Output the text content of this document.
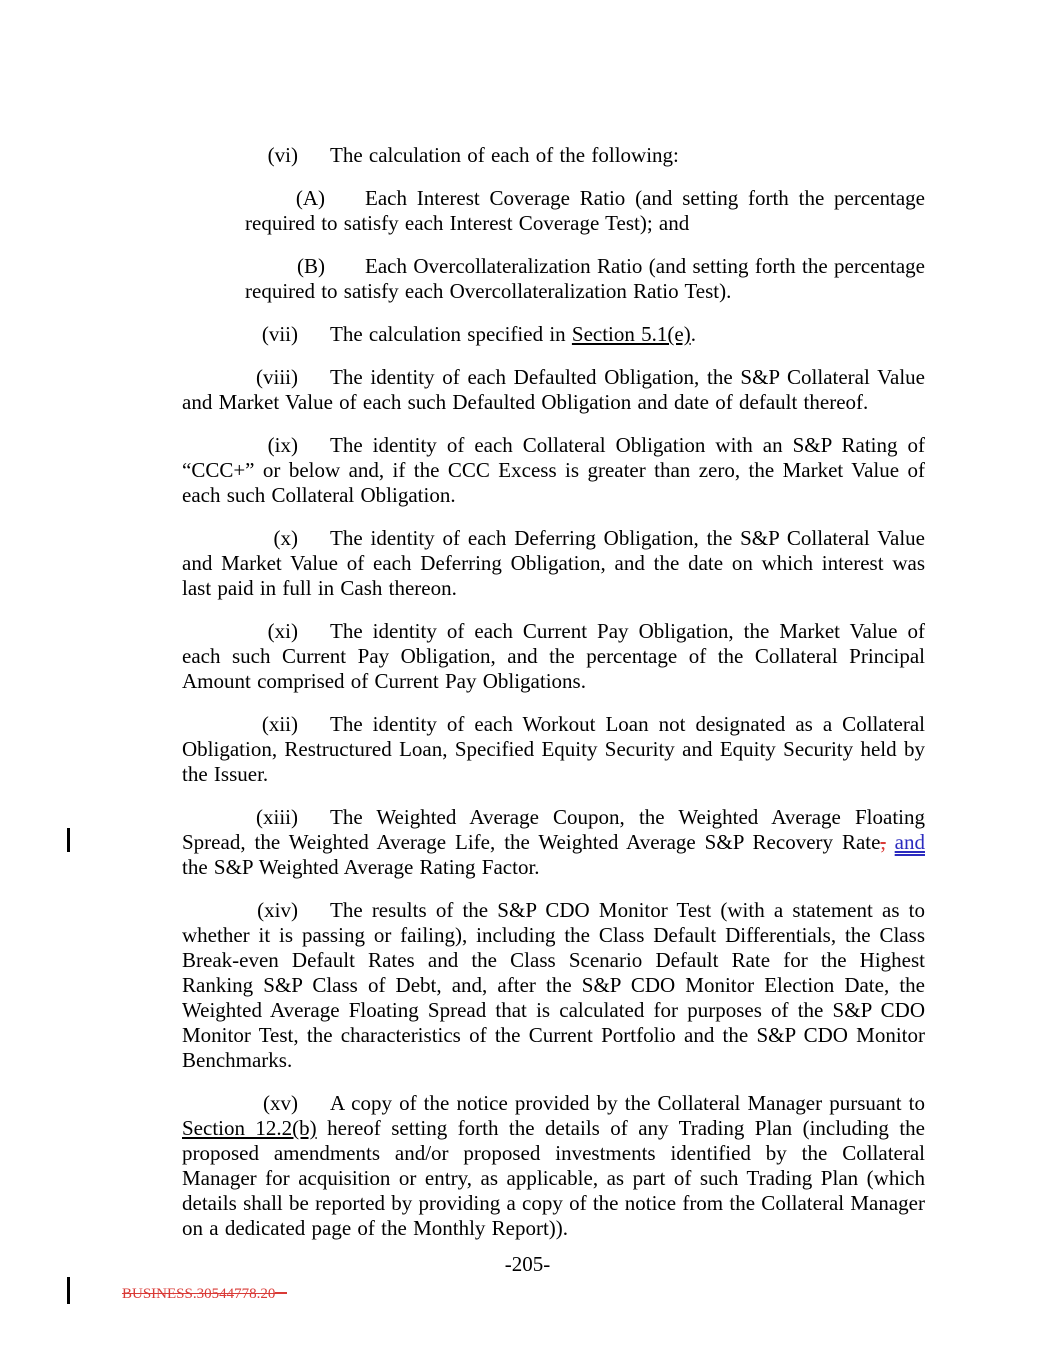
(vi) The calculation of each of the following:

(A) Each Interest Coverage Ratio (and setting forth the percentage required to satisfy each Interest Coverage Test); and

(B) Each Overcollateralization Ratio (and setting forth the percentage required to satisfy each Overcollateralization Ratio Test).

(vii) The calculation specified in Section 5.1(e).

(viii) The identity of each Defaulted Obligation, the S&P Collateral Value and Market Value of each such Defaulted Obligation and date of default thereof.

(ix) The identity of each Collateral Obligation with an S&P Rating of “CCC+” or below and, if the CCC Excess is greater than zero, the Market Value of each such Collateral Obligation.

(x) The identity of each Deferring Obligation, the S&P Collateral Value and Market Value of each Deferring Obligation, and the date on which interest was last paid in full in Cash thereon.

(xi) The identity of each Current Pay Obligation, the Market Value of each such Current Pay Obligation, and the percentage of the Collateral Principal Amount comprised of Current Pay Obligations.

(xii) The identity of each Workout Loan not designated as a Collateral Obligation, Restructured Loan, Specified Equity Security and Equity Security held by the Issuer.

(xiii) The Weighted Average Coupon, the Weighted Average Floating Spread, the Weighted Average Life, the Weighted Average S&P Recovery Rate, and the S&P Weighted Average Rating Factor.

(xiv) The results of the S&P CDO Monitor Test (with a statement as to whether it is passing or failing), including the Class Default Differentials, the Class Break-even Default Rates and the Class Scenario Default Rate for the Highest Ranking S&P Class of Debt, and, after the S&P CDO Monitor Election Date, the Weighted Average Floating Spread that is calculated for purposes of the S&P CDO Monitor Test, the characteristics of the Current Portfolio and the S&P CDO Monitor Benchmarks.

(xv) A copy of the notice provided by the Collateral Manager pursuant to Section 12.2(b) hereof setting forth the details of any Trading Plan (including the proposed amendments and/or proposed investments identified by the Collateral Manager for acquisition or entry, as applicable, as part of such Trading Plan (which details shall be reported by providing a copy of the notice from the Collateral Manager on a dedicated page of the Monthly Report)).

-205-
BUSINESS.30544778.20
